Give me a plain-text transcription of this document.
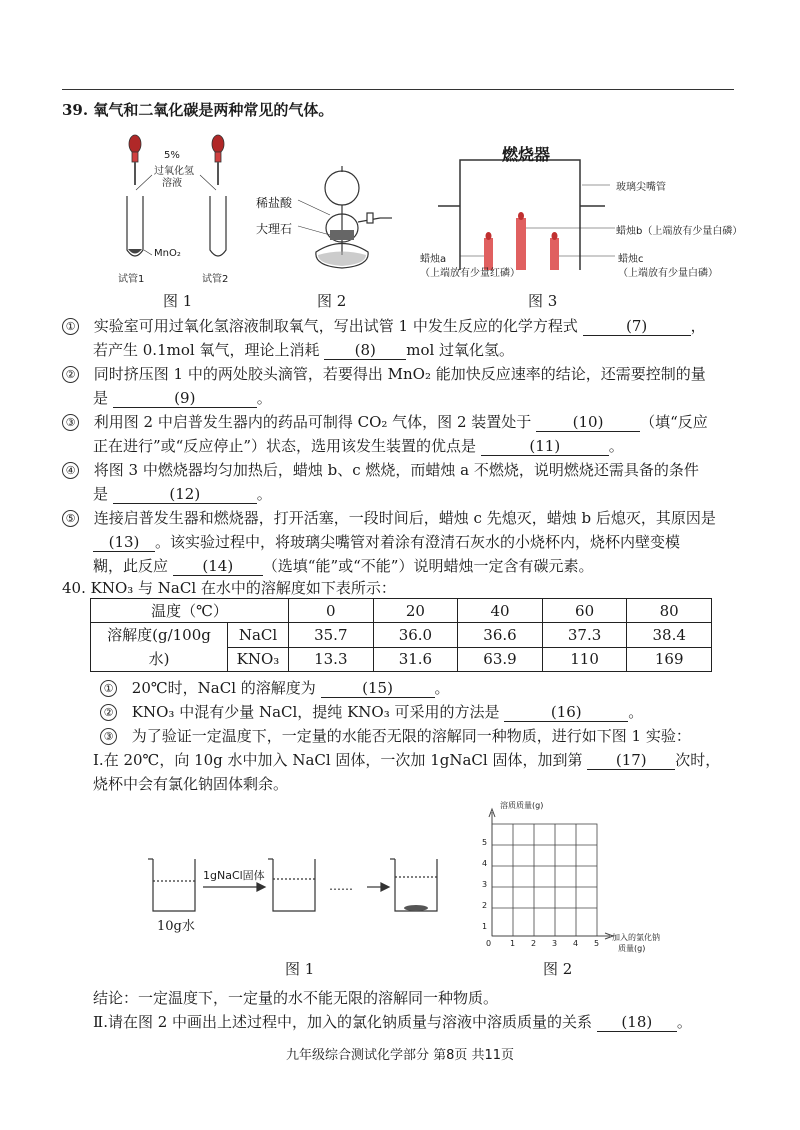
39. 氧气和二氧化碳是两种常见的气体。
5%
过氧化氢
溶液
MnO₂
试管1	试管2
图 1
稀盐酸
大理石
图 2
燃烧器
玻璃尖嘴管
蜡烛b（上端放有少量白磷）
蜡烛a
（上端放有少量红磷）
蜡烛c
（上端放有少量白磷）
图 3
① 实验室可用过氧化氢溶液制取氧气，写出试管 1 中发生反应的化学方程式	(7)	，
若产生 0.1mol 氧气，理论上消耗 (8) mol 过氧化氢。
② 同时挤压图 1 中的两处胶头滴管，若要得出 MnO₂ 能加快反应速率的结论，还需要控制的量
是	(9)	。
③ 利用图 2 中启普发生器内的药品可制得 CO₂ 气体，图 2 装置处于	(10) （填“反应
正在进行”或“反应停止”）状态，选用该发生装置的优点是	(11)	。
④ 将图 3 中燃烧器均匀加热后，蜡烛 b、c 燃烧，而蜡烛 a 不燃烧，说明燃烧还需具备的条件
是	(12)	。
⑤ 连接启普发生器和燃烧器，打开活塞，一段时间后，蜡烛 c 先熄灭，蜡烛 b 后熄灭，其原因是
(13) 。该实验过程中，将玻璃尖嘴管对着涂有澄清石灰水的小烧杯内，烧杯内壁变模
糊，此反应 (14) （选填“能”或“不能”）说明蜡烛一定含有碳元素。
40. KNO₃ 与 NaCl 在水中的溶解度如下表所示：
温度（℃）		0	20	40	60	80
溶解度(g/100g
水)	NaCl	35.7	36.0	36.6	37.3	38.4
	KNO₃	13.3	31.6	63.9	110	169
① 20℃时，NaCl 的溶解度为	(15)	。
② KNO₃ 中混有少量 NaCl，提纯 KNO₃ 可采用的方法是	(16)	。
③ 为了验证一定温度下，一定量的水能否无限的溶解同一种物质，进行如下图 1 实验：
Ⅰ.在 20℃，向 10g 水中加入 NaCl 固体，一次加 1gNaCl 固体，加到第 (17) 次时，
烧杯中会有氯化钠固体剩余。
1gNaCl固体
……
10g水
图 1
溶质质量(g)
5
4
3
2
1
0 1 2 3 4 5
加入的氯化钠
质量(g)
图 2
结论：一定温度下，一定量的水不能无限的溶解同一种物质。
Ⅱ.请在图 2 中画出上述过程中，加入的氯化钠质量与溶液中溶质质量的关系 (18) 。
九年级综合测试化学部分 第8页 共11页
